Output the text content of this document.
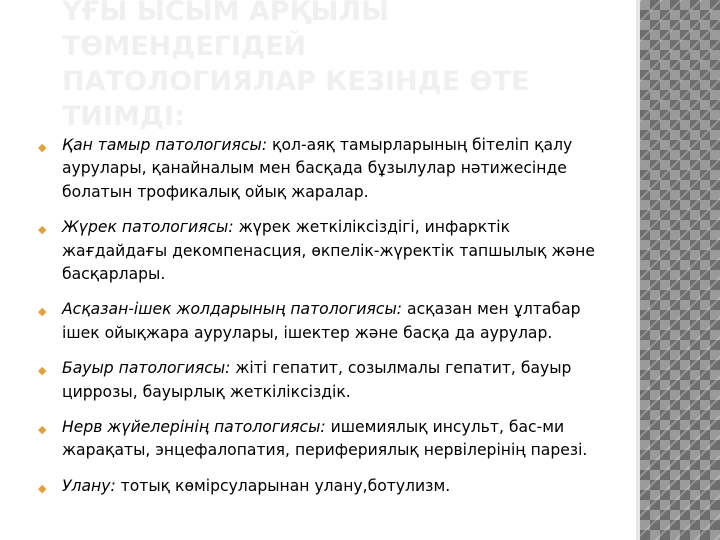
ҮҒЫ ЫСЫМ АРҚЫЛЫ
ТӨМЕНДЕГІДЕЙ
ПАТОЛОГИЯЛАР КЕЗІНДЕ ӨТЕ
ТИІМДІ:
◆ Қан тамыр патологиясы: қол-аяқ тамырларының бітеліп қалу аурулары, қанайналым мен басқада бұзылулар нәтижесінде болатын трофикалық ойық жаралар.
◆ Жүрек патологиясы: жүрек жеткіліксіздігі, инфарктік жағдайдағы декомпенасция, өкпелік-жүректік тапшылық және басқарлары.
◆ Асқазан-ішек жолдарының патологиясы: асқазан мен ұлтабар ішек ойықжара аурулары, ішектер және басқа да аурулар.
◆ Бауыр патологиясы: жіті гепатит, созылмалы гепатит, бауыр циррозы, бауырлық жеткіліксіздік.
◆ Нерв жүйелерінің патологиясы: ишемиялық инсульт, бас-ми жарақаты, энцефалопатия, перифериялық нервілерінің парезі.
◆ Улану: тотық көмірсуларынан улану,ботулизм.
